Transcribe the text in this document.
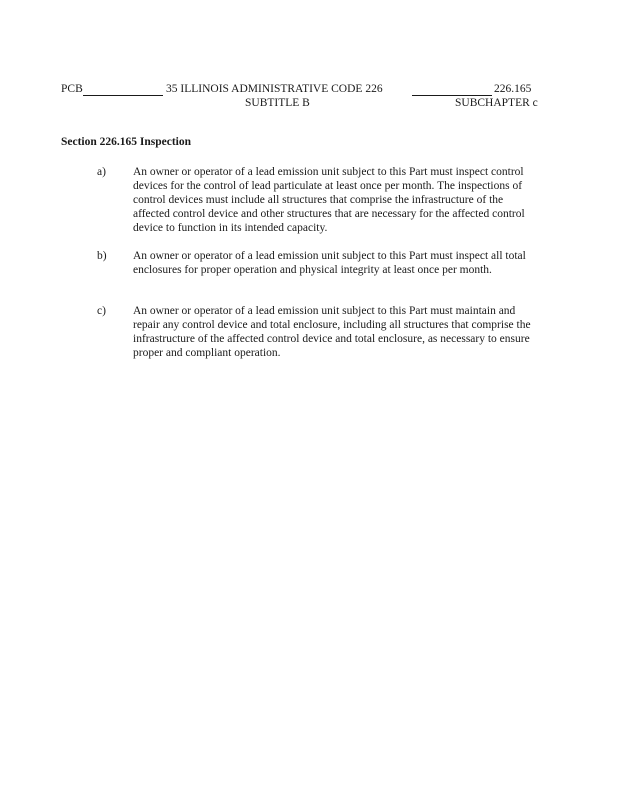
PCB	35 ILLINOIS ADMINISTRATIVE CODE 226
SUBTITLE B
226.165
SUBCHAPTER c
Section 226.165 Inspection
a) An owner or operator of a lead emission unit subject to this Part must inspect control devices for the control of lead particulate at least once per month. The inspections of control devices must include all structures that comprise the infrastructure of the affected control device and other structures that are necessary for the affected control device to function in its intended capacity.
b) An owner or operator of a lead emission unit subject to this Part must inspect all total enclosures for proper operation and physical integrity at least once per month.
c) An owner or operator of a lead emission unit subject to this Part must maintain and repair any control device and total enclosure, including all structures that comprise the infrastructure of the affected control device and total enclosure, as necessary to ensure proper and compliant operation.
